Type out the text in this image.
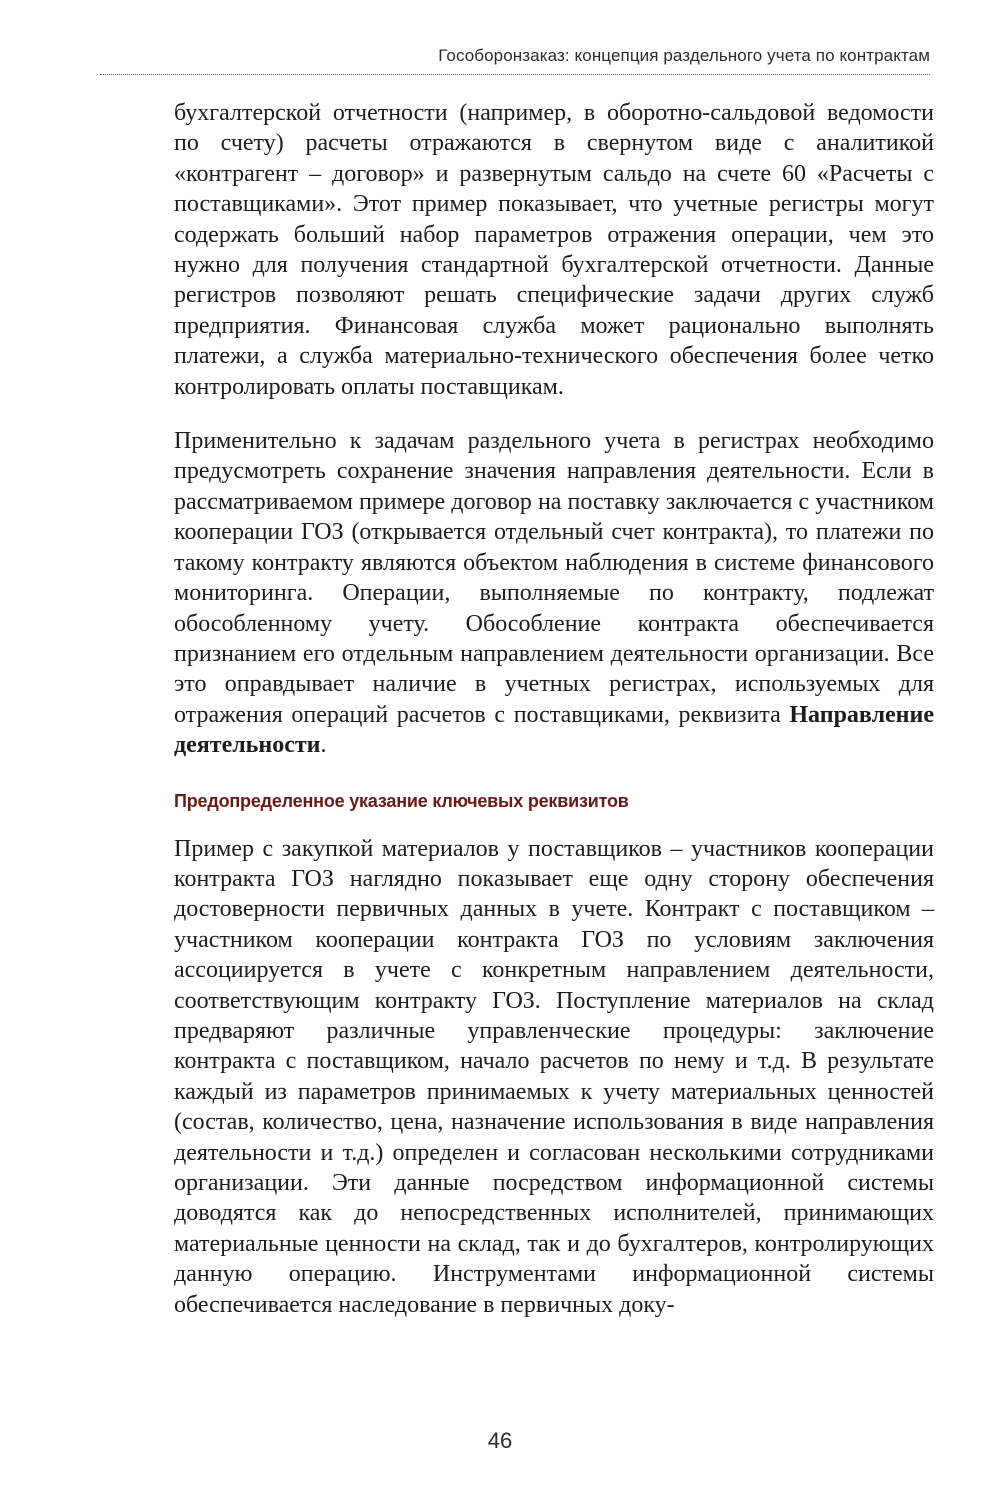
Гособоронзаказ: концепция раздельного учета по контрактам

бухгалтерской отчетности (например, в оборотно-сальдовой ведомости по счету) расчеты отражаются в свернутом виде с аналитикой «контрагент – договор» и развернутым сальдо на счете 60 «Расчеты с поставщиками». Этот пример показывает, что учетные регистры могут содержать больший набор параметров отражения операции, чем это нужно для получения стандартной бухгалтерской отчетности. Данные регистров позволяют решать специфические задачи других служб предприятия. Финансовая служба может рационально выполнять платежи, а служба материально-технического обеспечения более четко контролировать оплаты поставщикам.

Применительно к задачам раздельного учета в регистрах необходимо предусмотреть сохранение значения направления деятельности. Если в рассматриваемом примере договор на поставку заключается с участником кооперации ГОЗ (открывается отдельный счет контракта), то платежи по такому контракту являются объектом наблюдения в системе финансового мониторинга. Операции, выполняемые по контракту, подлежат обособленному учету. Обособление контракта обеспечивается признанием его отдельным направлением деятельности организации. Все это оправдывает наличие в учетных регистрах, используемых для отражения операций расчетов с поставщиками, реквизита Направление деятельности.

Предопределенное указание ключевых реквизитов

Пример с закупкой материалов у поставщиков – участников кооперации контракта ГОЗ наглядно показывает еще одну сторону обеспечения достоверности первичных данных в учете. Контракт с поставщиком – участником кооперации контракта ГОЗ по условиям заключения ассоциируется в учете с конкретным направлением деятельности, соответствующим контракту ГОЗ. Поступление материалов на склад предваряют различные управленческие процедуры: заключение контракта с поставщиком, начало расчетов по нему и т.д. В результате каждый из параметров принимаемых к учету материальных ценностей (состав, количество, цена, назначение использования в виде направления деятельности и т.д.) определен и согласован несколькими сотрудниками организации. Эти данные посредством информационной системы доводятся как до непосредственных исполнителей, принимающих материальные ценности на склад, так и до бухгалтеров, контролирующих данную операцию. Инструментами информационной системы обеспечивается наследование в первичных доку-

46
